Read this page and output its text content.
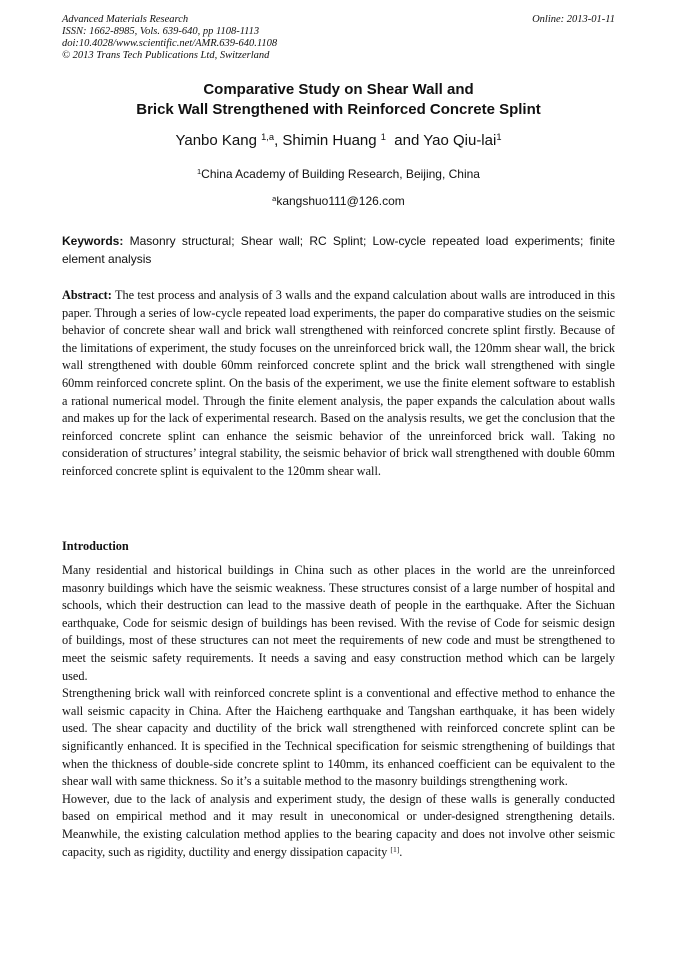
Advanced Materials Research
ISSN: 1662-8985, Vols. 639-640, pp 1108-1113
doi:10.4028/www.scientific.net/AMR.639-640.1108
© 2013 Trans Tech Publications Ltd, Switzerland
Online: 2013-01-11
Comparative Study on Shear Wall and
Brick Wall Strengthened with Reinforced Concrete Splint
Yanbo Kang $^{1,a}$, Shimin Huang $^1$  and Yao Qiu-lai$^1$
$^1$China Academy of Building Research, Beijing, China
$^a$kangshuo111@126.com
Keywords: Masonry structural; Shear wall; RC Splint; Low-cycle repeated load experiments; finite element analysis
Abstract: The test process and analysis of 3 walls and the expand calculation about walls are introduced in this paper. Through a series of low-cycle repeated load experiments, the paper do comparative studies on the seismic behavior of concrete shear wall and brick wall strengthened with reinforced concrete splint firstly. Because of the limitations of experiment, the study focuses on the unreinforced brick wall, the 120mm shear wall, the brick wall strengthened with double 60mm reinforced concrete splint and the brick wall strengthened with single 60mm reinforced concrete splint. On the basis of the experiment, we use the finite element software to establish a rational numerical model. Through the finite element analysis, the paper expands the calculation about walls and makes up for the lack of experimental research. Based on the analysis results, we get the conclusion that the reinforced concrete splint can enhance the seismic behavior of the unreinforced brick wall. Taking no consideration of structures’ integral stability, the seismic behavior of brick wall strengthened with double 60mm reinforced concrete splint is equivalent to the 120mm shear wall.
Introduction

Many residential and historical buildings in China such as other places in the world are the unreinforced masonry buildings which have the seismic weakness. These structures consist of a large number of hospital and schools, which their destruction can lead to the massive death of people in the earthquake. After the Sichuan earthquake, Code for seismic design of buildings has been revised. With the revise of Code for seismic design of buildings, most of these structures can not meet the requirements of new code and must be strengthened to meet the seismic safety requirements. It needs a saving and easy construction method which can be largely used.

Strengthening brick wall with reinforced concrete splint is a conventional and effective method to enhance the wall seismic capacity in China. After the Haicheng earthquake and Tangshan earthquake, it has been widely used. The shear capacity and ductility of the brick wall strengthened with reinforced concrete splint can be significantly enhanced. It is specified in the Technical specification for seismic strengthening of buildings that when the thickness of double-side concrete splint to 140mm, its enhanced coefficient can be equivalent to the shear wall with same thickness. So it’s a suitable method to the masonry buildings strengthening work.

However, due to the lack of analysis and experiment study, the design of these walls is generally conducted based on empirical method and it may result in uneconomical or under-designed strengthening details. Meanwhile, the existing calculation method applies to the bearing capacity and does not involve other seismic capacity, such as rigidity, ductility and energy dissipation capacity [1].
